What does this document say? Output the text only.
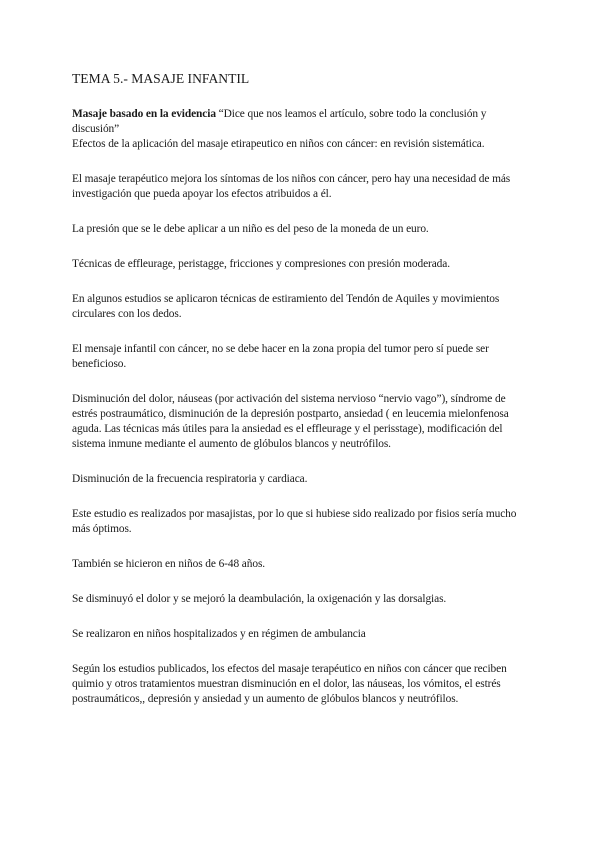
TEMA 5.- MASAJE INFANTIL

Masaje basado en la evidencia “Dice que nos leamos el artículo, sobre todo la conclusión y discusión”

Efectos de la aplicación del masaje etirapeutico en niños con cáncer: en revisión sistemática.

El masaje terapéutico mejora los síntomas de los niños con cáncer, pero hay una necesidad de más investigación que pueda apoyar los efectos atribuidos a él.

La presión que se le debe aplicar a un niño es del peso de la moneda de un euro.

Técnicas de effleurage, peristagge, fricciones y compresiones con presión moderada.

En algunos estudios se aplicaron técnicas de estiramiento del Tendón de Aquiles y movimientos circulares con los dedos.

El mensaje infantil con cáncer, no se debe hacer en la zona propia del tumor pero sí puede ser beneficioso.

Disminución del dolor, náuseas (por activación del sistema nervioso “nervio vago”), síndrome de estrés postraumático, disminución de la depresión postparto, ansiedad ( en leucemia mielonfenosa aguda. Las técnicas más útiles para la ansiedad es el effleurage y el perisstage), modificación del sistema inmune mediante el aumento de glóbulos blancos y neutrófilos.

Disminución de la frecuencia respiratoria y cardiaca.

Este estudio es realizados por masajistas, por lo que si hubiese sido realizado por fisios sería mucho más óptimos.

También se hicieron en niños de 6-48 años.

Se disminuyó el dolor y se mejoró la deambulación, la oxigenación y las dorsalgias.

Se realizaron en niños hospitalizados y en régimen de ambulancia

Según los estudios publicados, los efectos del masaje terapéutico en niños con cáncer que reciben quimio y otros tratamientos muestran disminución en el dolor, las náuseas, los vómitos, el estrés postraumáticos,, depresión y ansiedad y un aumento de glóbulos blancos y neutrófilos.
